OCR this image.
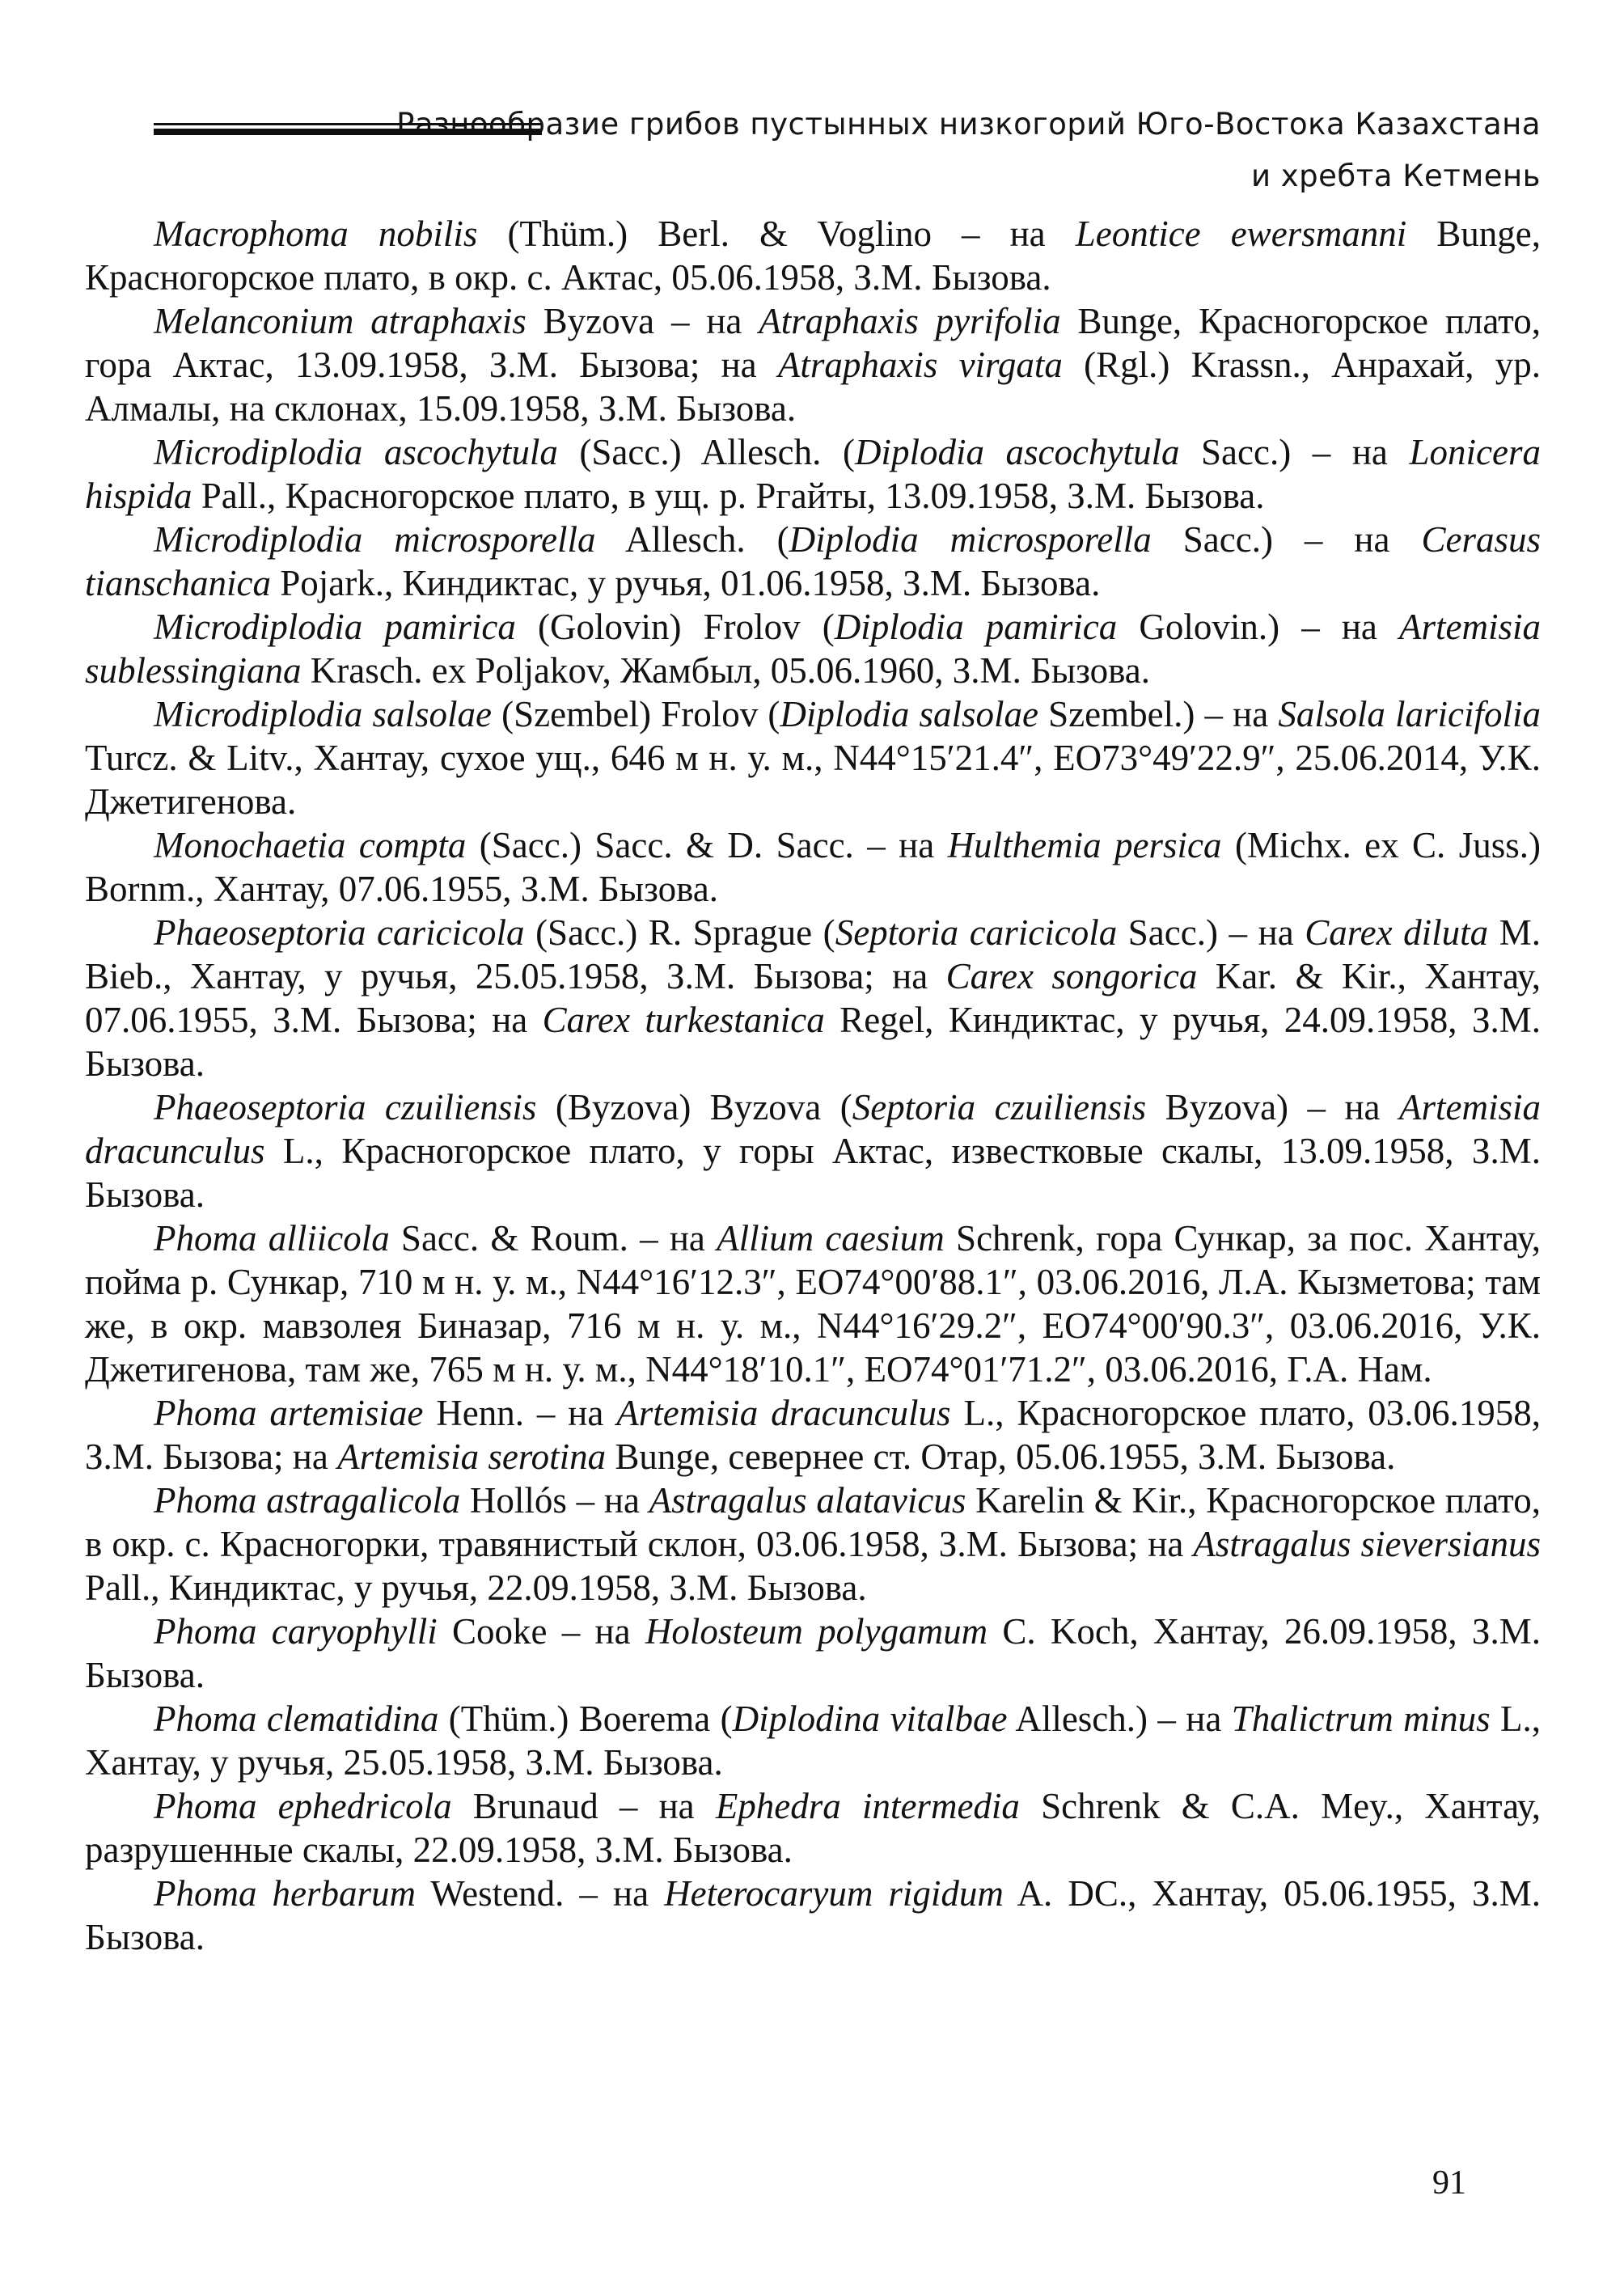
Разнообразие грибов пустынных низкогорий Юго-Востока Казахстана
и хребта Кетмень

Macrophoma nobilis (Thüm.) Berl. & Voglino – на Leontice ewersmanni Bunge, Красногорское плато, в окр. с. Актас, 05.06.1958, З.М. Бызова.

Melanconium atraphaxis Byzova – на Atraphaxis pyrifolia Bunge, Красногорское плато, гора Актас, 13.09.1958, З.М. Бызова; на Atraphaxis virgata (Rgl.) Krassn., Анрахай, ур. Алмалы, на склонах, 15.09.1958, З.М. Бызова.

Microdiplodia ascochytula (Sacc.) Allesch. (Diplodia ascochytula Sacc.) – на Lonicera hispida Pall., Красногорское плато, в ущ. р. Ргайты, 13.09.1958, З.М. Бызова.

Microdiplodia microsporella Allesch. (Diplodia microsporella Sacc.) – на Cerasus tianschanica Pojark., Киндиктас, у ручья, 01.06.1958, З.М. Бызова.

Microdiplodia pamirica (Golovin) Frolov (Diplodia pamirica Golovin.) – на Artemisia sublessingiana Krasch. ex Poljakov, Жамбыл, 05.06.1960, З.М. Бызова.

Microdiplodia salsolae (Szembel) Frolov (Diplodia salsolae Szembel.) – на Salsola laricifolia Turcz. & Litv., Хантау, сухое ущ., 646 м н. у. м., N44°15′21.4″, EO73°49′22.9″, 25.06.2014, У.К. Джетигенова.

Monochaetia compta (Sacc.) Sacc. & D. Sacc. – на Hulthemia persica (Michx. ex C. Juss.) Bornm., Хантау, 07.06.1955, З.М. Бызова.

Phaeoseptoria caricicola (Sacc.) R. Sprague (Septoria caricicola Sacc.) – на Carex diluta M. Bieb., Хантау, у ручья, 25.05.1958, З.М. Бызова; на Carex songorica Kar. & Kir., Хантау, 07.06.1955, З.М. Бызова; на Carex turkestanica Regel, Киндиктас, у ручья, 24.09.1958, З.М. Бызова.

Phaeoseptoria czuiliensis (Byzova) Byzova (Septoria czuiliensis Byzova) – на Artemisia dracunculus L., Красногорское плато, у горы Актас, известковые скалы, 13.09.1958, З.М. Бызова.

Phoma alliicola Sacc. & Roum. – на Allium caesium Schrenk, гора Сункар, за пос. Хантау, пойма р. Сункар, 710 м н. у. м., N44°16′12.3″, EO74°00′88.1″, 03.06.2016, Л.А. Кызметова; там же, в окр. мавзолея Биназар, 716 м н. у. м., N44°16′29.2″, EO74°00′90.3″, 03.06.2016, У.К. Джетигенова, там же, 765 м н. у. м., N44°18′10.1″, EO74°01′71.2″, 03.06.2016, Г.А. Нам.

Phoma artemisiae Henn. – на Artemisia dracunculus L., Красногорское плато, 03.06.1958, З.М. Бызова; на Artemisia serotina Bunge, севернее ст. Отар, 05.06.1955, З.М. Бызова.

Phoma astragalicola Hollós – на Astragalus alatavicus Karelin & Kir., Красногорское плато, в окр. с. Красногорки, травянистый склон, 03.06.1958, З.М. Бызова; на Astragalus sieversianus Pall., Киндиктас, у ручья, 22.09.1958, З.М. Бызова.

Phoma caryophylli Cooke – на Holosteum polygamum C. Koch, Хантау, 26.09.1958, З.М. Бызова.

Phoma clematidina (Thüm.) Boerema (Diplodina vitalbae Allesch.) – на Thalictrum minus L., Хантау, у ручья, 25.05.1958, З.М. Бызова.

Phoma ephedricola Brunaud – на Ephedra intermedia Schrenk & C.A. Mey., Хантау, разрушенные скалы, 22.09.1958, З.М. Бызова.

Phoma herbarum Westend. – на Heterocaryum rigidum A. DC., Хантау, 05.06.1955, З.М. Бызова.

91
